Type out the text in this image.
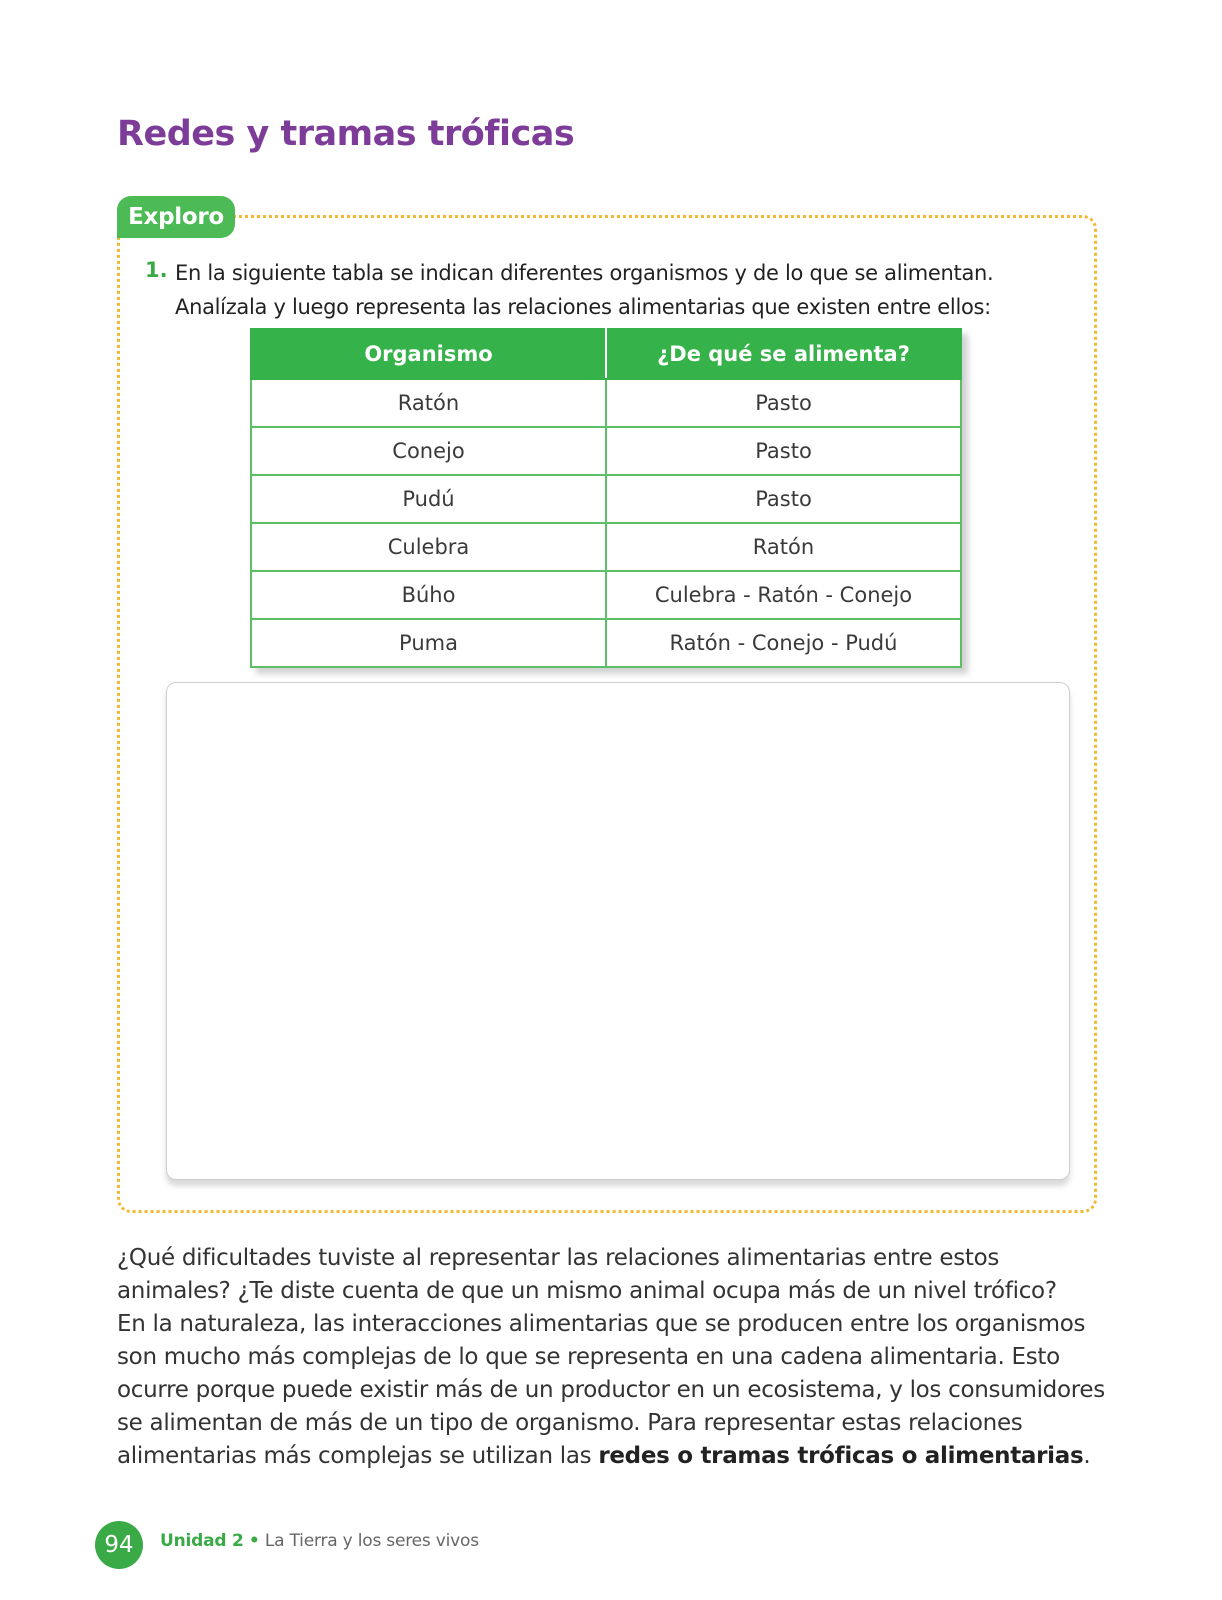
Redes y tramas tróficas
Exploro
1. En la siguiente tabla se indican diferentes organismos y de lo que se alimentan.
Analízala y luego representa las relaciones alimentarias que existen entre ellos:
Organismo	¿De qué se alimenta?
Ratón	Pasto
Conejo	Pasto
Pudú	Pasto
Culebra	Ratón
Búho	Culebra - Ratón - Conejo
Puma	Ratón - Conejo - Pudú

¿Qué dificultades tuviste al representar las relaciones alimentarias entre estos animales? ¿Te diste cuenta de que un mismo animal ocupa más de un nivel trófico?

En la naturaleza, las interacciones alimentarias que se producen entre los organismos son mucho más complejas de lo que se representa en una cadena alimentaria. Esto ocurre porque puede existir más de un productor en un ecosistema, y los consumidores se alimentan de más de un tipo de organismo. Para representar estas relaciones alimentarias más complejas se utilizan las redes o tramas tróficas o alimentarias.

94	Unidad 2 • La Tierra y los seres vivos
